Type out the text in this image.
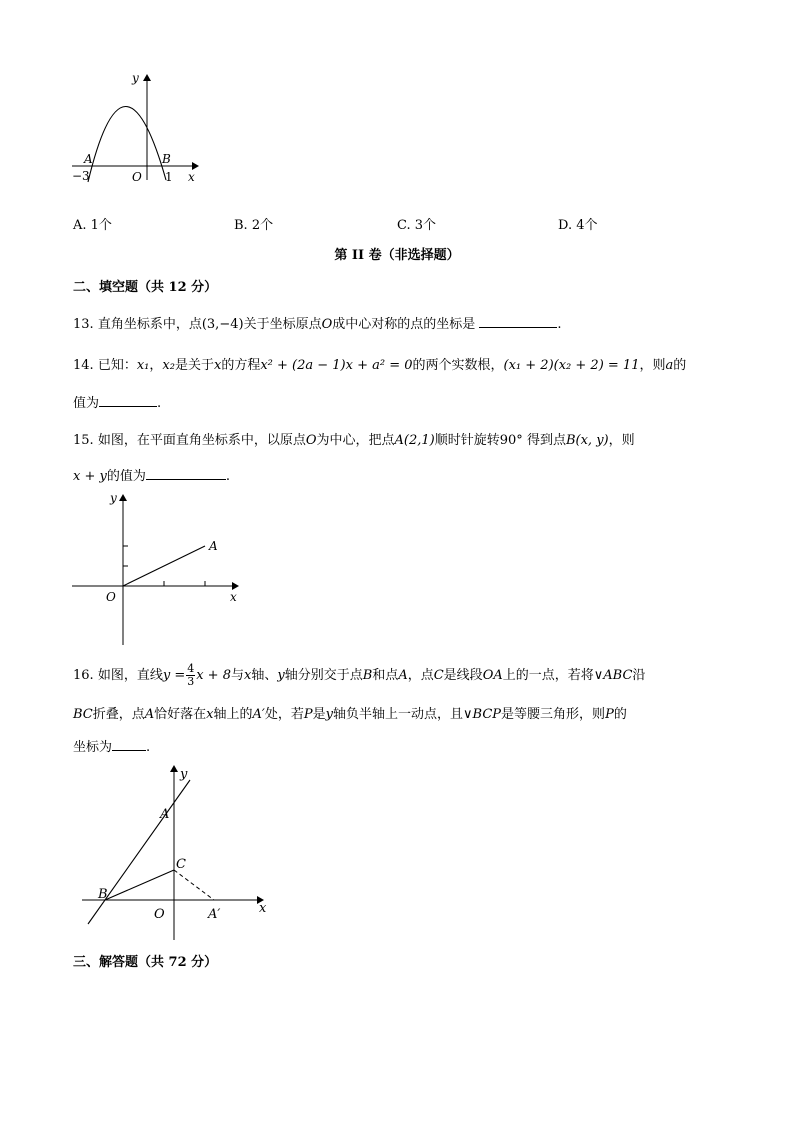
y
A	B
−3	O 1 x
A. 1个	B. 2个	C. 3个	D. 4个
第 II 卷（非选择题）
二、填空题（共 12 分）
13. 直角坐标系中，点(3,−4)关于坐标原点O成中心对称的点的坐标是	.
14. 已知：x₁，x₂是关于x的方程x² + (2a − 1)x + a² = 0的两个实数根，(x₁ + 2)(x₂ + 2) = 11，则a的
值为	.
15. 如图，在平面直角坐标系中，以原点O为中心，把点A(2,1)顺时针旋转90° 得到点B(x, y)，则
x + y的值为	.
y
A
O	x
16. 如图，直线$y = \frac{4}{3}$ x + 8与x轴、y轴分别交于点B和点A，点C是线段OA上的一点，若将∨ABC沿
BC折叠，点A恰好落在x轴上的A′处，若P是y轴负半轴上一动点，且∨BCP是等腰三角形，则P的
坐标为	.
y
A
C
B
O	A′	x
三、解答题（共 72 分）
